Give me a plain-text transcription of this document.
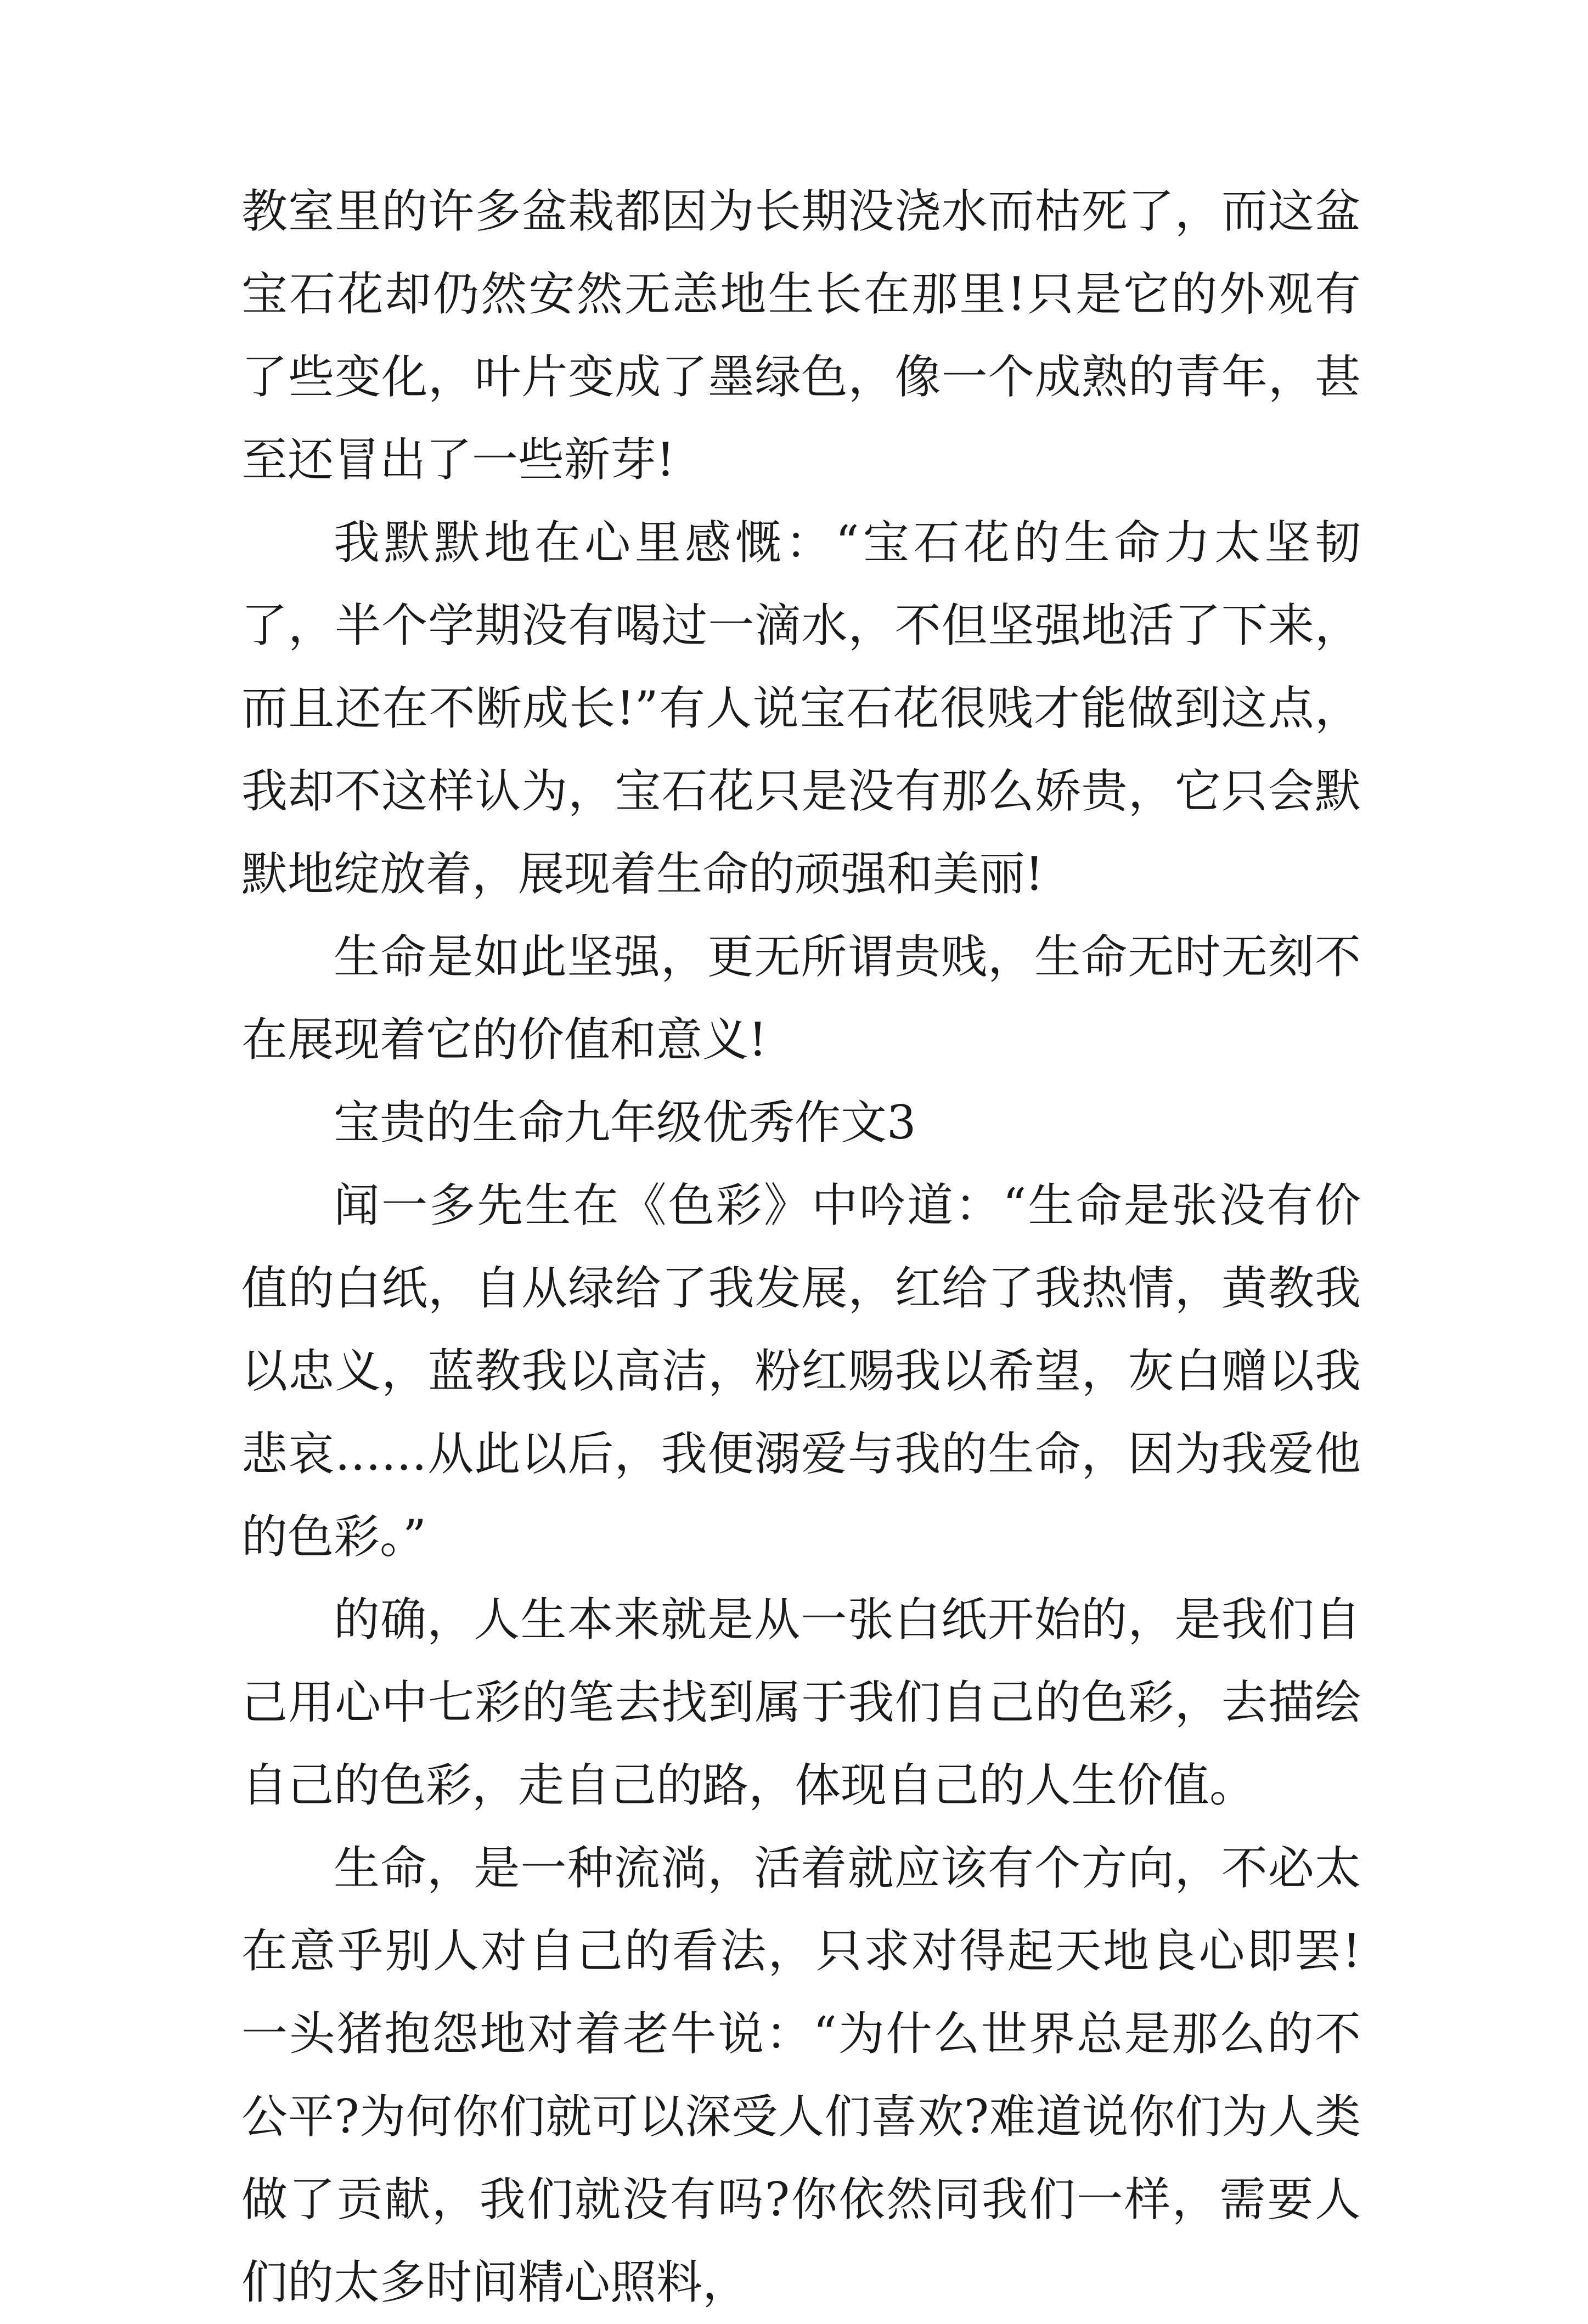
教室里的许多盆栽都因为长期没浇水而枯死了，而这盆宝石花却仍然安然无恙地生长在那里!只是它的外观有了些变化，叶片变成了墨绿色，像一个成熟的青年，甚至还冒出了一些新芽!

我默默地在心里感慨：“宝石花的生命力太坚韧了，半个学期没有喝过一滴水，不但坚强地活了下来，而且还在不断成长!”有人说宝石花很贱才能做到这点，我却不这样认为，宝石花只是没有那么娇贵，它只会默默地绽放着，展现着生命的顽强和美丽!

生命是如此坚强，更无所谓贵贱，生命无时无刻不在展现着它的价值和意义!

宝贵的生命九年级优秀作文3

闻一多先生在《色彩》中吟道：“生命是张没有价值的白纸，自从绿给了我发展，红给了我热情，黄教我以忠义，蓝教我以高洁，粉红赐我以希望，灰白赠以我悲哀……从此以后，我便溺爱与我的生命，因为我爱他的色彩。”

的确，人生本来就是从一张白纸开始的，是我们自己用心中七彩的笔去找到属于我们自己的色彩，去描绘自己的色彩，走自己的路，体现自己的人生价值。

生命，是一种流淌，活着就应该有个方向，不必太在意乎别人对自己的看法，只求对得起天地良心即罢!一头猪抱怨地对着老牛说：“为什么世界总是那么的不公平?为何你们就可以深受人们喜欢?难道说你们为人类做了贡献，我们就没有吗?你依然同我们一样，需要人们的太多时间精心照料，
